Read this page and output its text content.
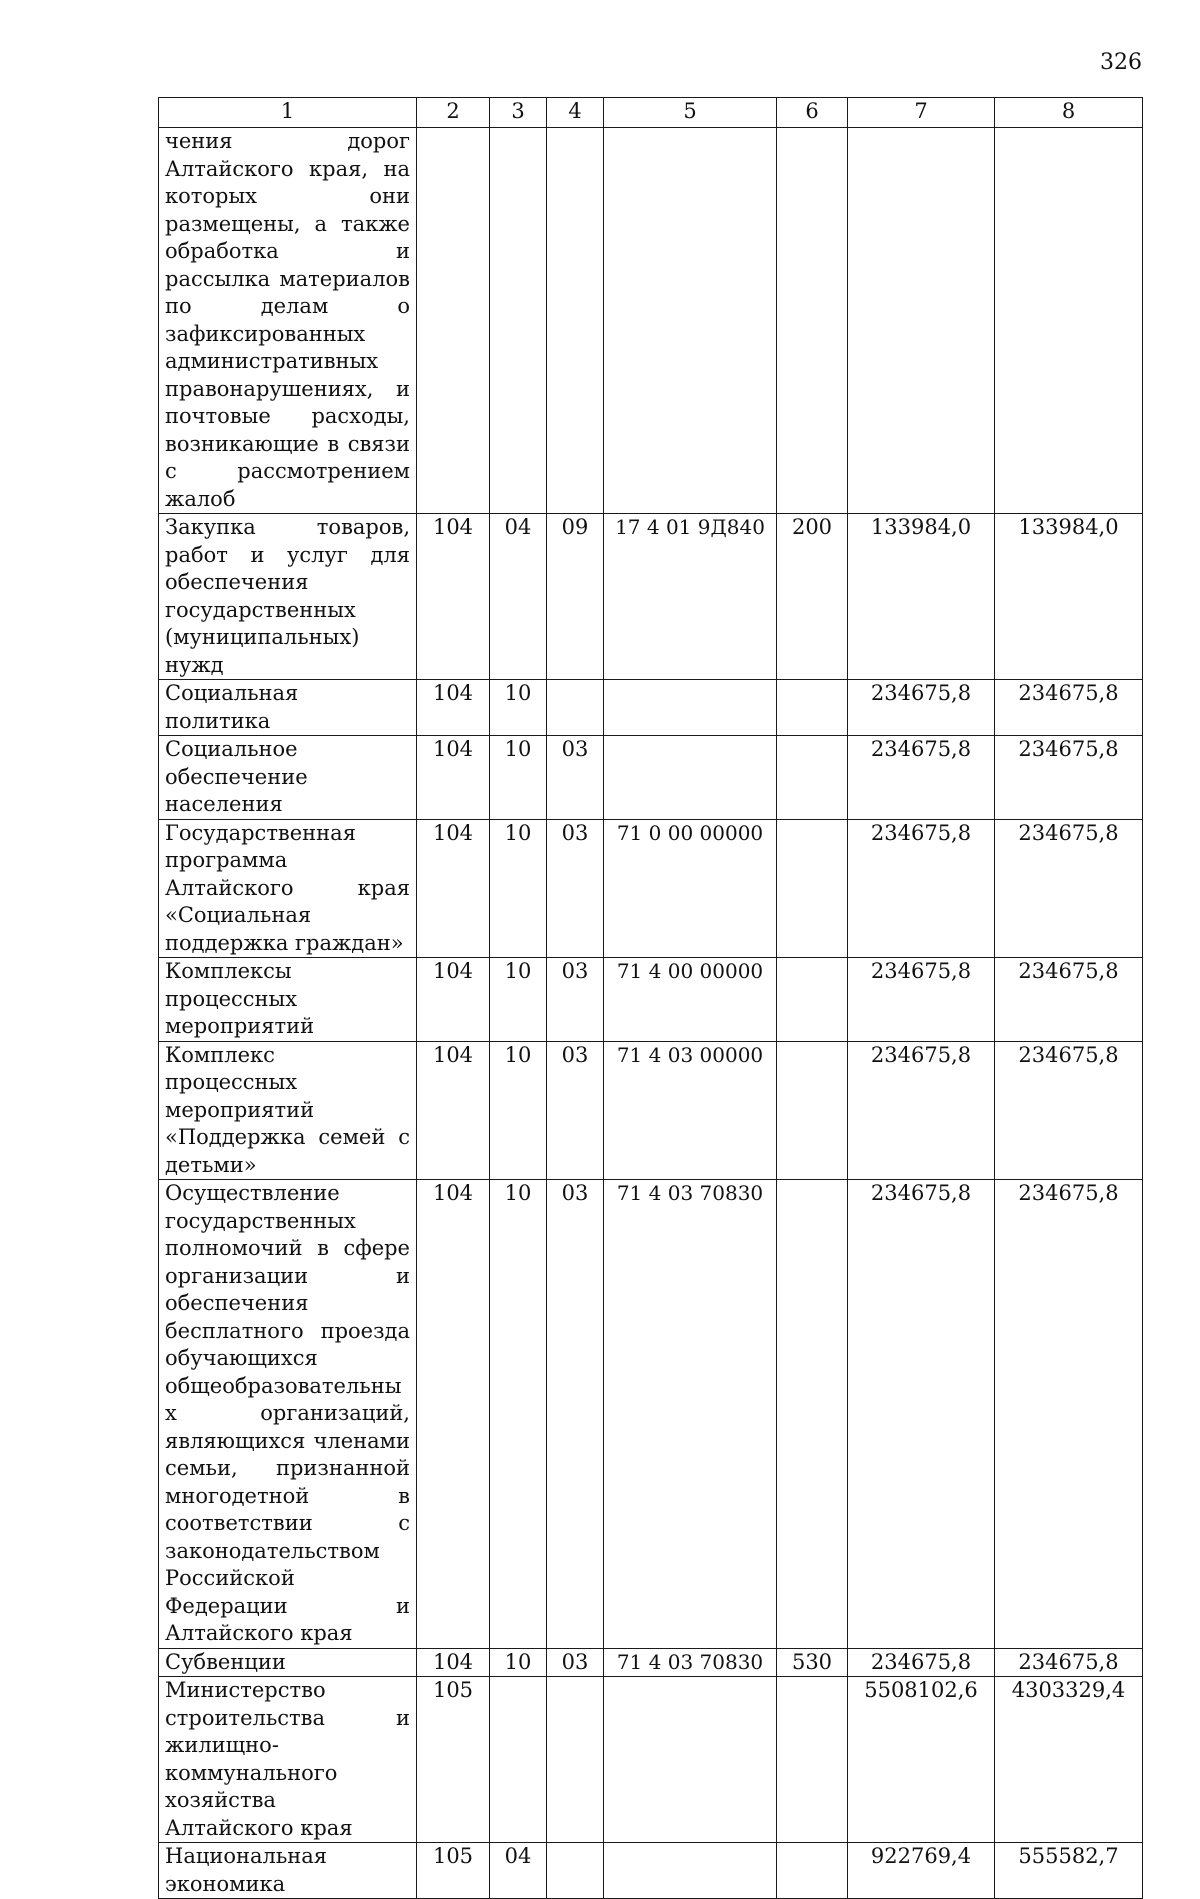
326
1	2	3	4	5	6	7	8
чения дорог Алтайского края, на которых они размещены, а также обработка и рассылка материалов по делам о зафиксированных административных правонарушениях, и почтовые расходы, возникающие в связи с рассмотрением жалоб							
Закупка товаров, работ и услуг для обеспечения государственных (муниципальных) нужд	104	04	09	17 4 01 9Д840	200	133984,0	133984,0
Социальная политика	104	10				234675,8	234675,8
Социальное обеспечение населения	104	10	03			234675,8	234675,8
Государственная программа Алтайского края «Социальная поддержка граждан»	104	10	03	71 0 00 00000		234675,8	234675,8
Комплексы процессных мероприятий	104	10	03	71 4 00 00000		234675,8	234675,8
Комплекс процессных мероприятий «Поддержка семей с детьми»	104	10	03	71 4 03 00000		234675,8	234675,8
Осуществление государственных полномочий в сфере организации и обеспечения бесплатного проезда обучающихся общеобразовательных организаций, являющихся членами семьи, признанной многодетной в соответствии с законодательством Российской Федерации и Алтайского края	104	10	03	71 4 03 70830		234675,8	234675,8
Субвенции	104	10	03	71 4 03 70830	530	234675,8	234675,8
Министерство строительства и жилищно-коммунального хозяйства Алтайского края	105					5508102,6	4303329,4
Национальная экономика	105	04				922769,4	555582,7
